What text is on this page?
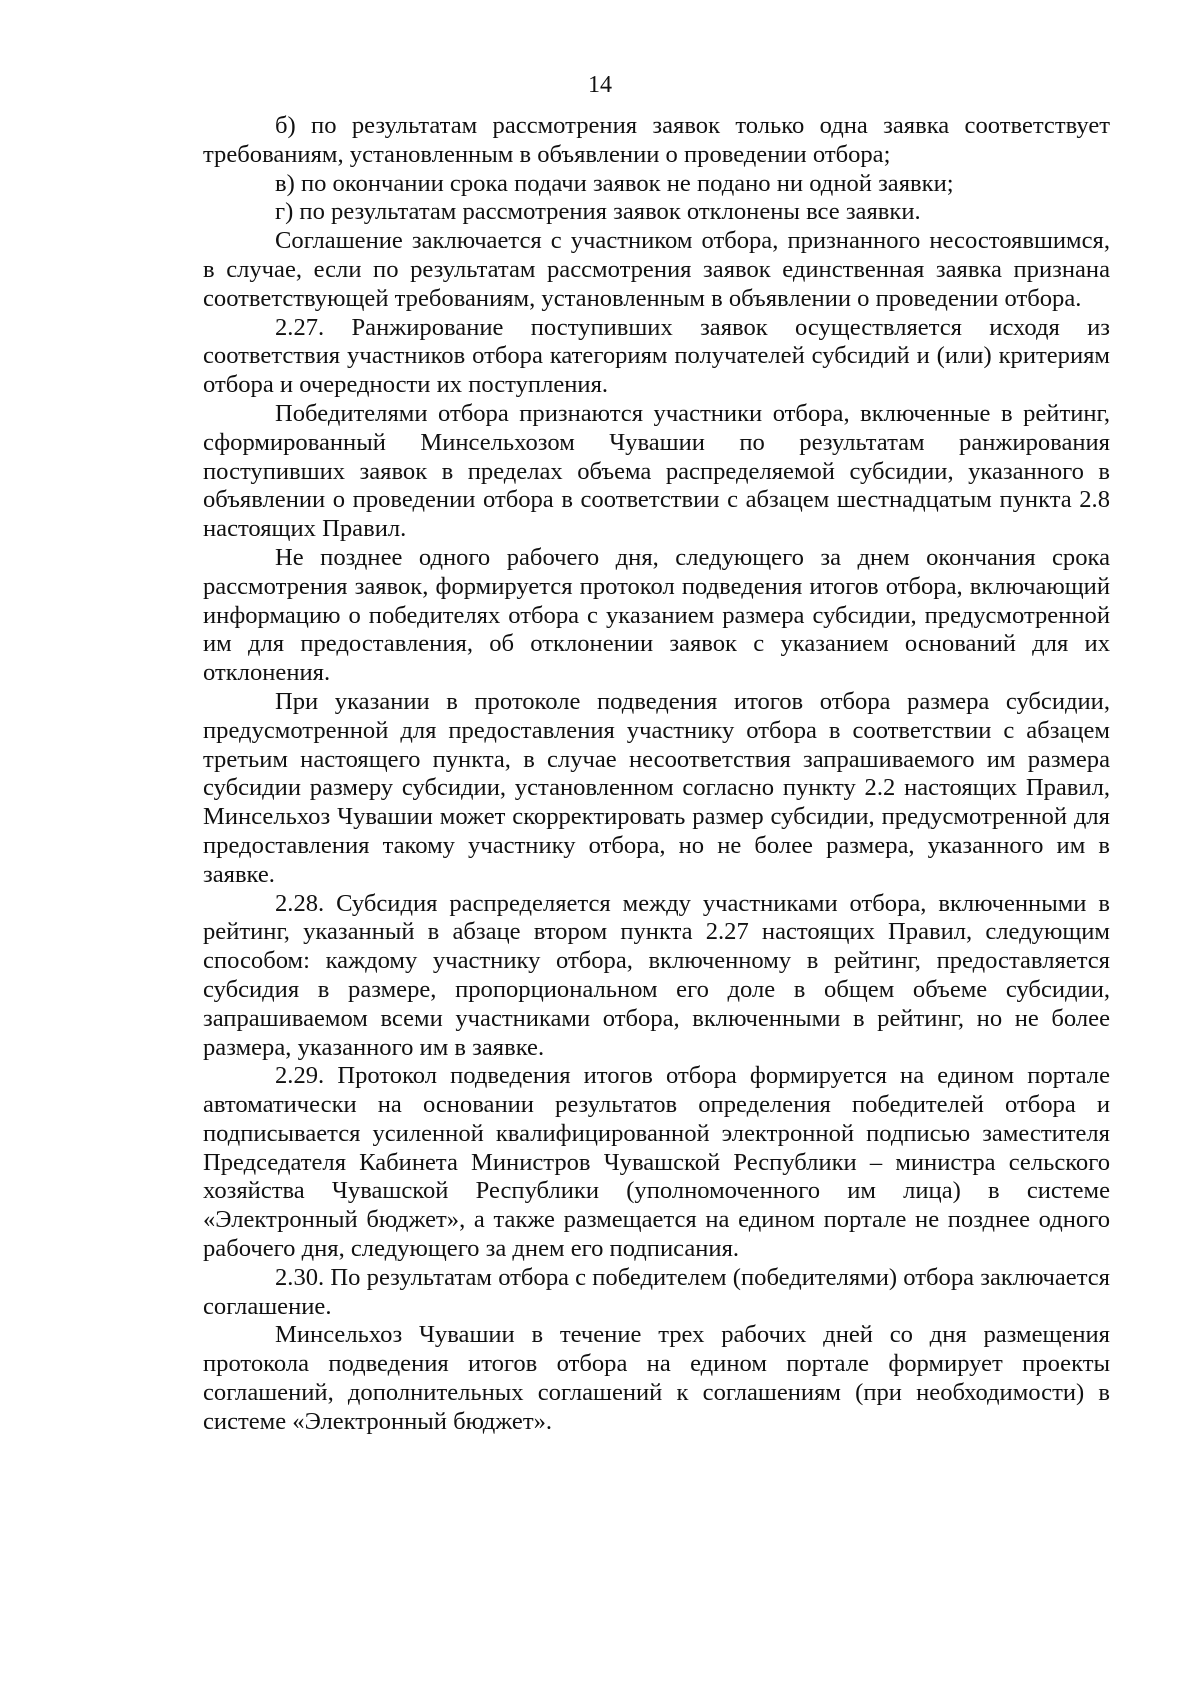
14

б) по результатам рассмотрения заявок только одна заявка соответствует требованиям, установленным в объявлении о проведении отбора;

в) по окончании срока подачи заявок не подано ни одной заявки;

г) по результатам рассмотрения заявок отклонены все заявки.

Соглашение заключается с участником отбора, признанного несостоявшимся, в случае, если по результатам рассмотрения заявок единственная заявка признана соответствующей требованиям, установленным в объявлении о проведении отбора.

2.27. Ранжирование поступивших заявок осуществляется исходя из соответствия участников отбора категориям получателей субсидий и (или) критериям отбора и очередности их поступления.

Победителями отбора признаются участники отбора, включенные в рейтинг, сформированный Минсельхозом Чувашии по результатам ранжирования поступивших заявок в пределах объема распределяемой субсидии, указанного в объявлении о проведении отбора в соответствии с абзацем шестнадцатым пункта 2.8 настоящих Правил.

Не позднее одного рабочего дня, следующего за днем окончания срока рассмотрения заявок, формируется протокол подведения итогов отбора, включающий информацию о победителях отбора с указанием размера субсидии, предусмотренной им для предоставления, об отклонении заявок с указанием оснований для их отклонения.

При указании в протоколе подведения итогов отбора размера субсидии, предусмотренной для предоставления участнику отбора в соответствии с абзацем третьим настоящего пункта, в случае несоответствия запрашиваемого им размера субсидии размеру субсидии, установленном согласно пункту 2.2 настоящих Правил, Минсельхоз Чувашии может скорректировать размер субсидии, предусмотренной для предоставления такому участнику отбора, но не более размера, указанного им в заявке.

2.28. Субсидия распределяется между участниками отбора, включенными в рейтинг, указанный в абзаце втором пункта 2.27 настоящих Правил, следующим способом: каждому участнику отбора, включенному в рейтинг, предоставляется субсидия в размере, пропорциональном его доле в общем объеме субсидии, запрашиваемом всеми участниками отбора, включенными в рейтинг, но не более размера, указанного им в заявке.

2.29. Протокол подведения итогов отбора формируется на едином портале автоматически на основании результатов определения победителей отбора и подписывается усиленной квалифицированной электронной подписью заместителя Председателя Кабинета Министров Чувашской Республики – министра сельского хозяйства Чувашской Республики (уполномоченного им лица) в системе «Электронный бюджет», а также размещается на едином портале не позднее одного рабочего дня, следующего за днем его подписания.

2.30. По результатам отбора с победителем (победителями) отбора заключается соглашение.

Минсельхоз Чувашии в течение трех рабочих дней со дня размещения протокола подведения итогов отбора на едином портале формирует проекты соглашений, дополнительных соглашений к соглашениям (при необходимости) в системе «Электронный бюджет».
